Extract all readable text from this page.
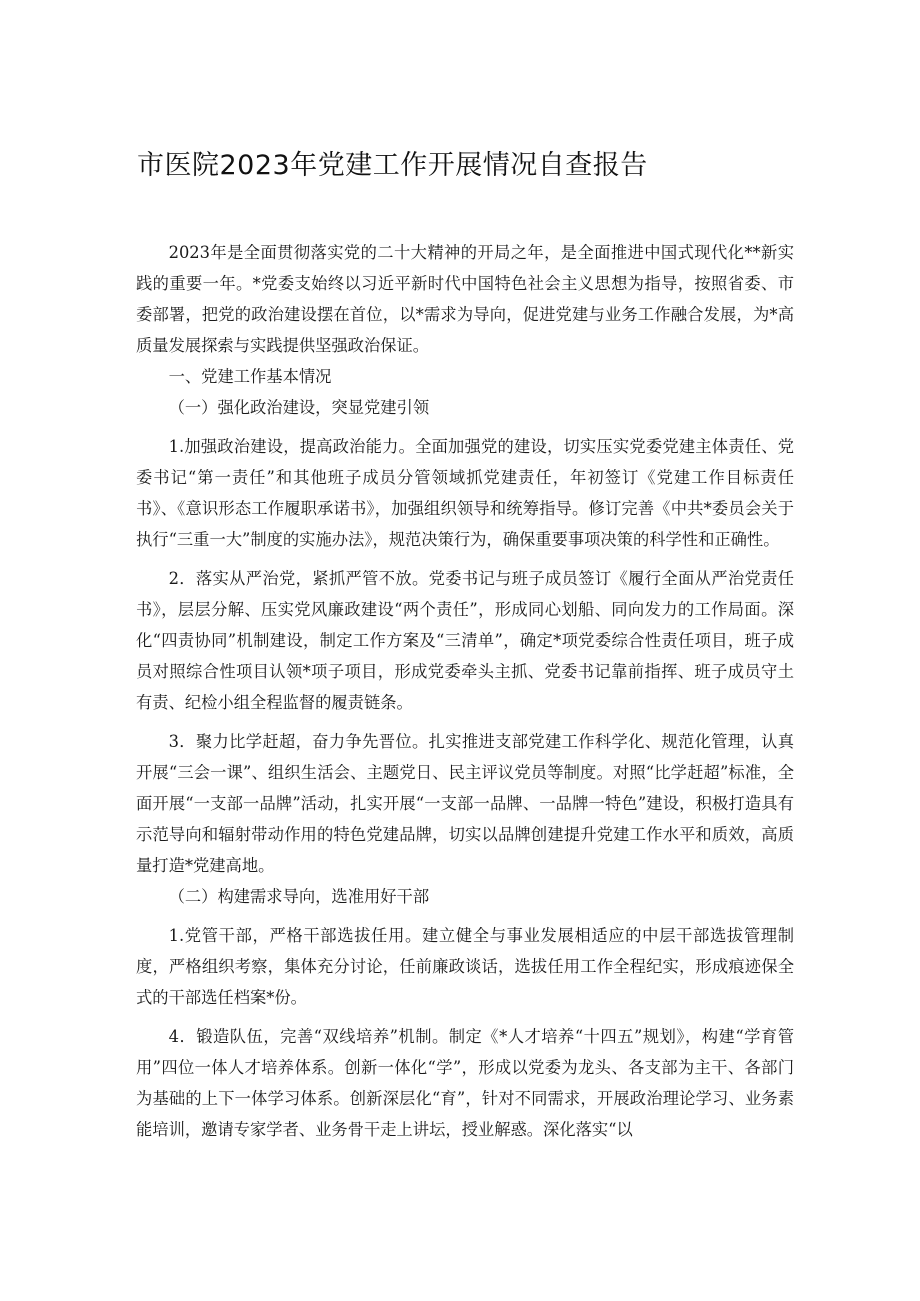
市医院2023年党建工作开展情况自查报告

2023年是全面贯彻落实党的二十大精神的开局之年，是全面推进中国式现代化**新实践的重要一年。*党委支始终以习近平新时代中国特色社会主义思想为指导，按照省委、市委部署，把党的政治建设摆在首位，以*需求为导向，促进党建与业务工作融合发展，为*高质量发展探索与实践提供坚强政治保证。

一、党建工作基本情况

（一）强化政治建设，突显党建引领

1.加强政治建设，提高政治能力。全面加强党的建设，切实压实党委党建主体责任、党委书记“第一责任”和其他班子成员分管领域抓党建责任，年初签订《党建工作目标责任书》、《意识形态工作履职承诺书》，加强组织领导和统筹指导。修订完善《中共*委员会关于执行“三重一大”制度的实施办法》，规范决策行为，确保重要事项决策的科学性和正确性。

2．落实从严治党，紧抓严管不放。党委书记与班子成员签订《履行全面从严治党责任书》，层层分解、压实党风廉政建设“两个责任”，形成同心划船、同向发力的工作局面。深化“四责协同”机制建设，制定工作方案及“三清单”，确定*项党委综合性责任项目，班子成员对照综合性项目认领*项子项目，形成党委牵头主抓、党委书记靠前指挥、班子成员守土有责、纪检小组全程监督的履责链条。

3．聚力比学赶超，奋力争先晋位。扎实推进支部党建工作科学化、规范化管理，认真开展“三会一课”、组织生活会、主题党日、民主评议党员等制度。对照“比学赶超”标准，全面开展“一支部一品牌”活动，扎实开展“一支部一品牌、一品牌一特色”建设，积极打造具有示范导向和辐射带动作用的特色党建品牌，切实以品牌创建提升党建工作水平和质效，高质量打造*党建高地。

（二）构建需求导向，选准用好干部

1.党管干部，严格干部选拔任用。建立健全与事业发展相适应的中层干部选拔管理制度，严格组织考察，集体充分讨论，任前廉政谈话，选拔任用工作全程纪实，形成痕迹保全式的干部选任档案*份。

4．锻造队伍，完善“双线培养”机制。制定《*人才培养“十四五”规划》，构建“学育管用”四位一体人才培养体系。创新一体化“学”，形成以党委为龙头、各支部为主干、各部门为基础的上下一体学习体系。创新深层化“育”，针对不同需求，开展政治理论学习、业务素能培训，邀请专家学者、业务骨干走上讲坛，授业解惑。深化落实“以
